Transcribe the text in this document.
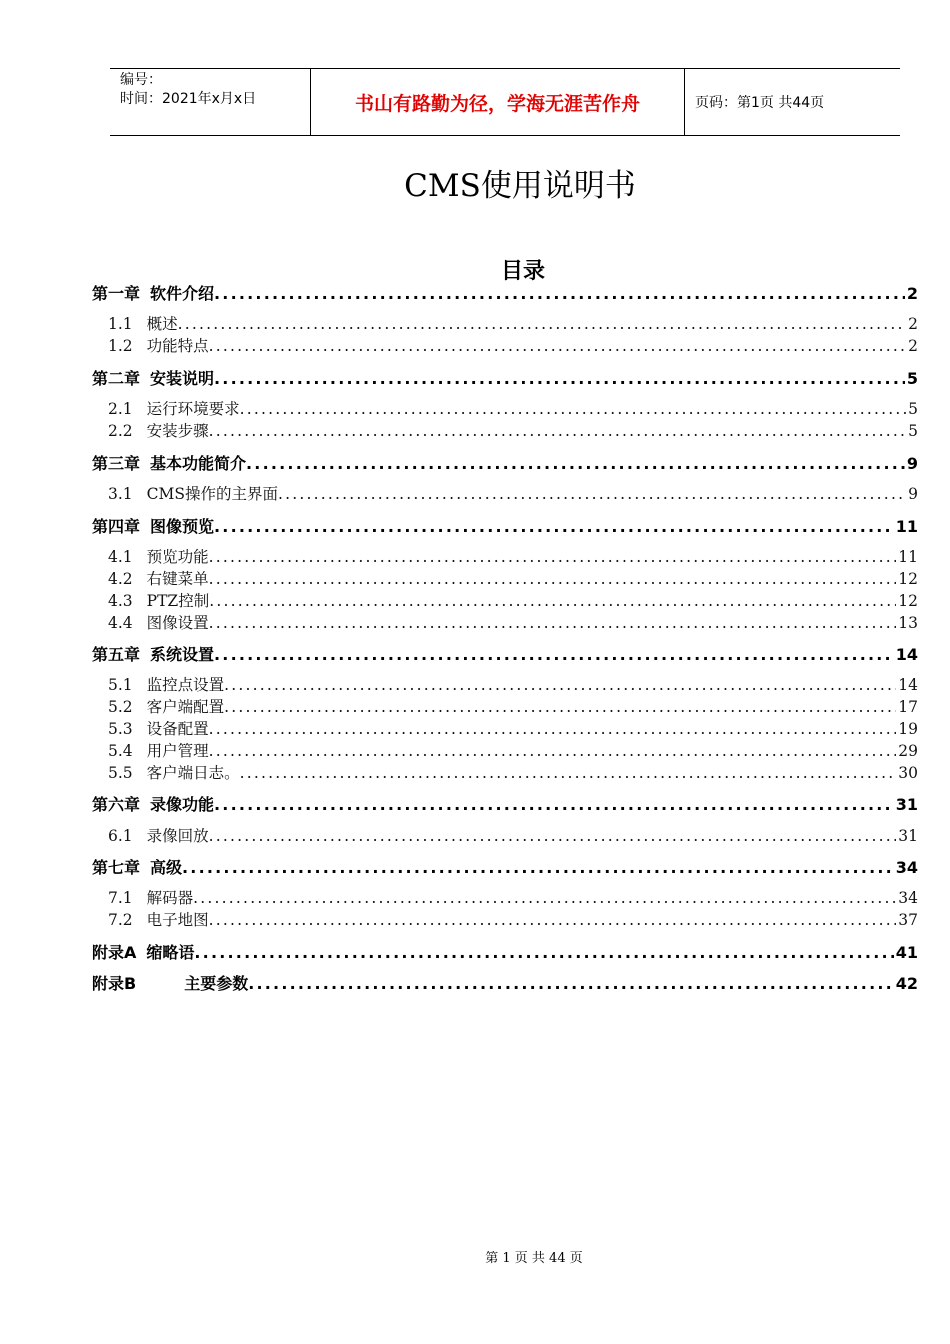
编号：
时间：2021年x月x日	书山有路勤为径，学海无涯苦作舟	页码：第1页 共44页
CMS使用说明书
目录
第一章 软件介绍 .....	2
1.1 概述 .....	2
1.2 功能特点 .....	2
第二章 安装说明 .....	5
2.1 运行环境要求 .....	5
2.2 安装步骤 .....	5
第三章 基本功能简介 .....	9
3.1 CMS操作的主界面 .....	9
第四章 图像预览 .....	11
4.1 预览功能 .....	11
4.2 右键菜单 .....	12
4.3 PTZ控制 .....	12
4.4 图像设置 .....	13
第五章 系统设置 .....	14
5.1 监控点设置 .....	14
5.2 客户端配置 .....	17
5.3 设备配置 .....	19
5.4 用户管理 .....	29
5.5 客户端日志。 .....	30
第六章 录像功能 .....	31
6.1 录像回放 .....	31
第七章 高级 .....	34
7.1 解码器 .....	34
7.2 电子地图 .....	37
附录A 缩略语 .....	41
附录B	主要参数 .....	42
第 1 页 共 44 页
